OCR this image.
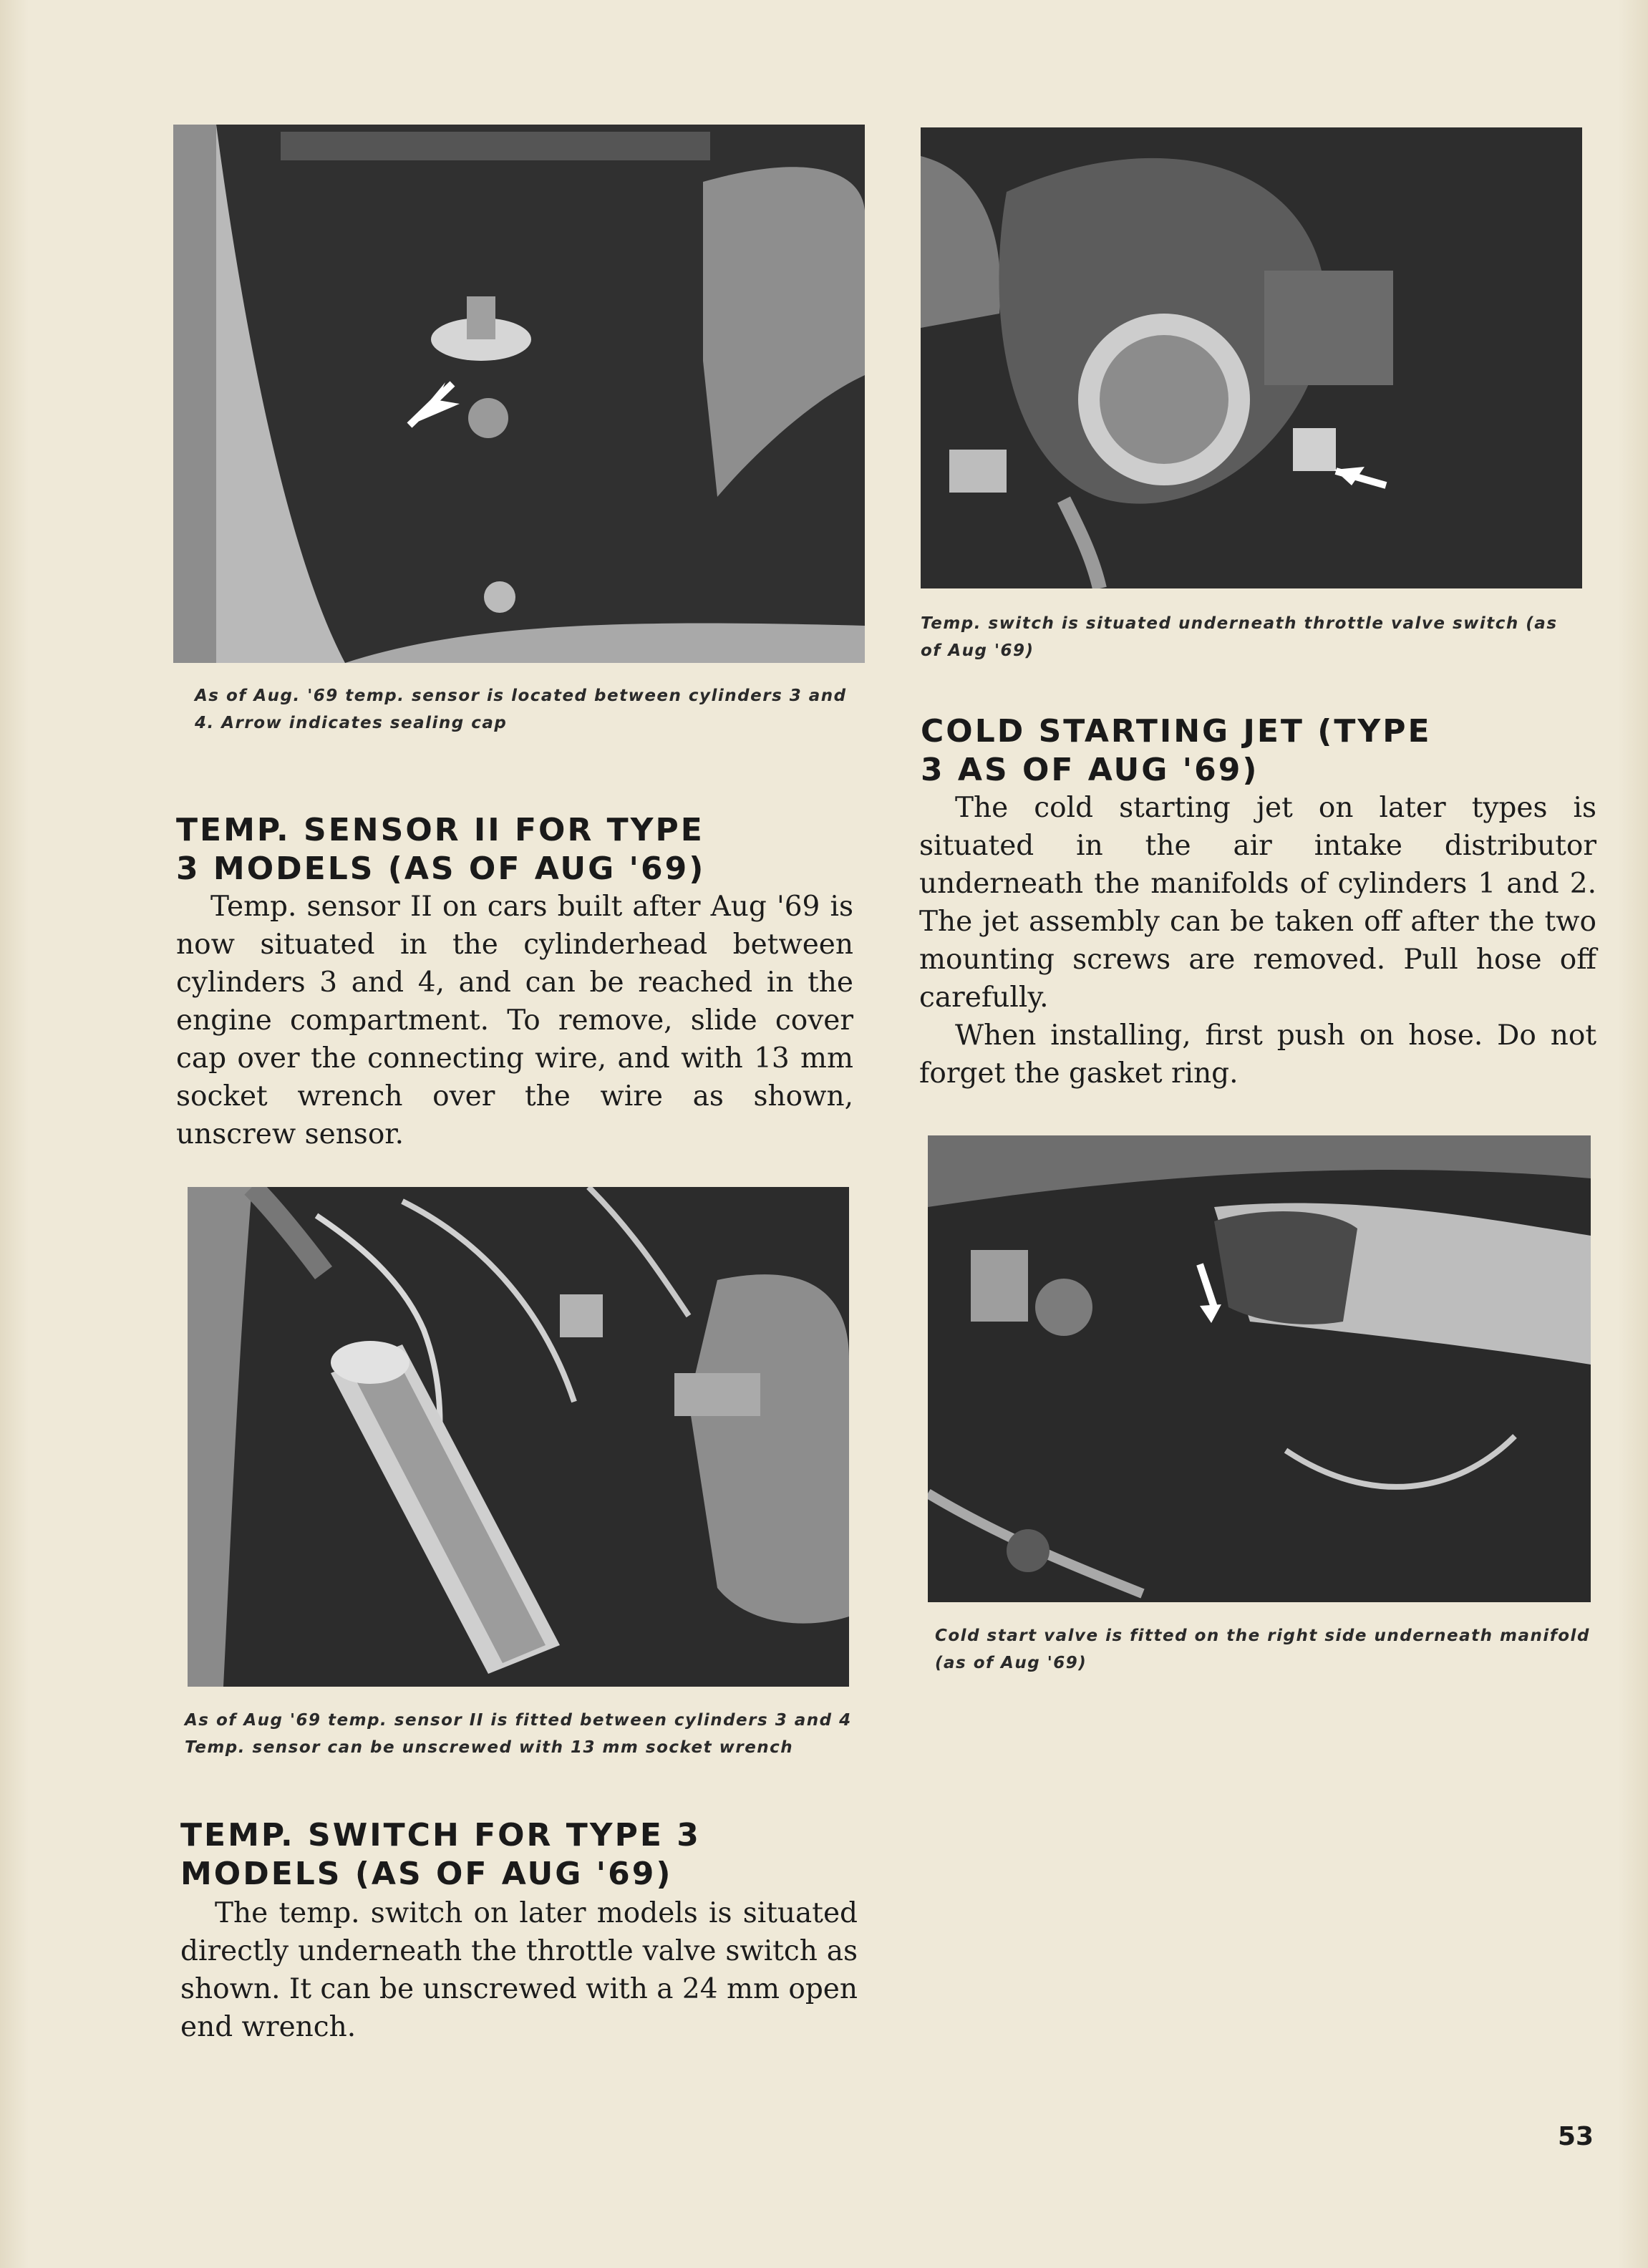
As of Aug. '69 temp. sensor is located between cylinders 3 and 4. Arrow indicates sealing cap
Temp. switch is situated underneath throttle valve switch (as of Aug '69)
COLD STARTING JET (TYPE 3 AS OF AUG '69)

The cold starting jet on later types is situated in the air intake distributor underneath the manifolds of cylinders 1 and 2. The jet assembly can be taken off after the two mounting screws are removed. Pull hose off carefully.

When installing, first push on hose. Do not forget the gasket ring.

TEMP. SENSOR II FOR TYPE 3 MODELS (AS OF AUG '69)

Temp. sensor II on cars built after Aug '69 is now situated in the cylinderhead between cylinders 3 and 4, and can be reached in the engine compartment. To remove, slide cover cap over the connecting wire, and with 13 mm socket wrench over the wire as shown, unscrew sensor.

Cold start valve is fitted on the right side underneath manifold (as of Aug '69)
As of Aug '69 temp. sensor II is fitted between cylinders 3 and 4 Temp. sensor can be unscrewed with 13 mm socket wrench
TEMP. SWITCH FOR TYPE 3 MODELS (AS OF AUG '69)

The temp. switch on later models is situated directly underneath the throttle valve switch as shown. It can be unscrewed with a 24 mm open end wrench.

53
